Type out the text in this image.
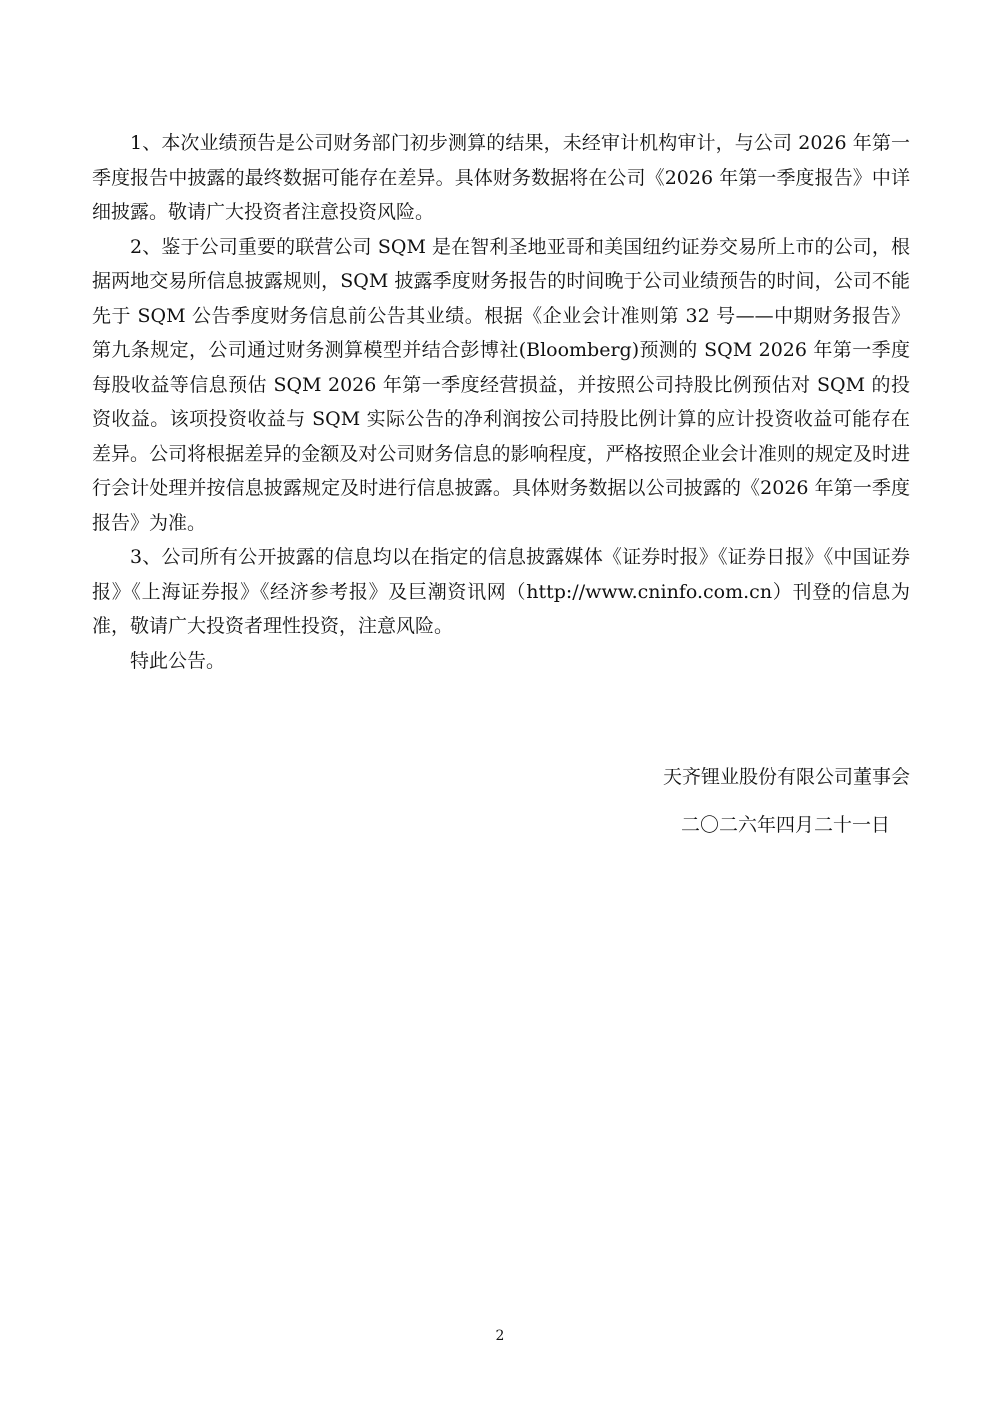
1、本次业绩预告是公司财务部门初步测算的结果，未经审计机构审计，与公司 2026 年第一季度报告中披露的最终数据可能存在差异。具体财务数据将在公司《2026 年第一季度报告》中详细披露。敬请广大投资者注意投资风险。

2、鉴于公司重要的联营公司 SQM 是在智利圣地亚哥和美国纽约证券交易所上市的公司，根据两地交易所信息披露规则，SQM 披露季度财务报告的时间晚于公司业绩预告的时间，公司不能先于 SQM 公告季度财务信息前公告其业绩。根据《企业会计准则第 32 号——中期财务报告》第九条规定，公司通过财务测算模型并结合彭博社(Bloomberg)预测的 SQM 2026 年第一季度每股收益等信息预估 SQM 2026 年第一季度经营损益，并按照公司持股比例预估对 SQM 的投资收益。该项投资收益与 SQM 实际公告的净利润按公司持股比例计算的应计投资收益可能存在差异。公司将根据差异的金额及对公司财务信息的影响程度，严格按照企业会计准则的规定及时进行会计处理并按信息披露规定及时进行信息披露。具体财务数据以公司披露的《2026 年第一季度报告》为准。

3、公司所有公开披露的信息均以在指定的信息披露媒体《证券时报》《证券日报》《中国证券报》《上海证券报》《经济参考报》及巨潮资讯网（http://www.cninfo.com.cn）刊登的信息为准，敬请广大投资者理性投资，注意风险。

特此公告。

天齐锂业股份有限公司董事会
二〇二六年四月二十一日
2
